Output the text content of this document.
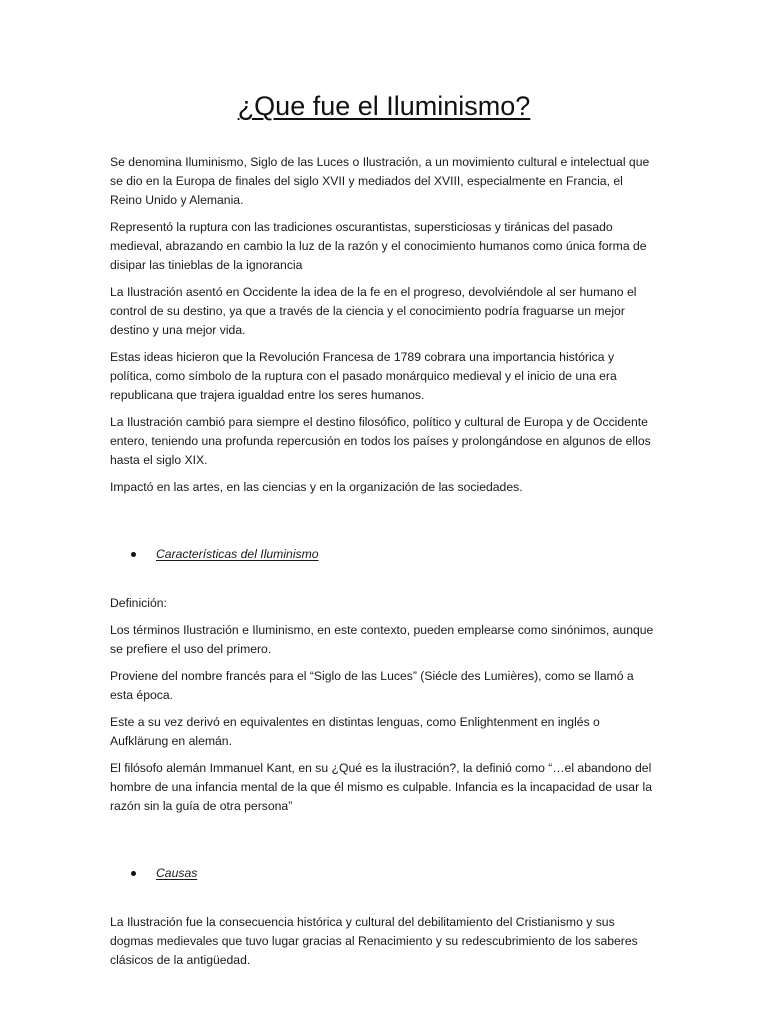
¿Que fue el Iluminismo?

Se denomina Iluminismo, Siglo de las Luces o Ilustración, a un movimiento cultural e intelectual que se dio en la Europa de finales del siglo XVII y mediados del XVIII, especialmente en Francia, el Reino Unido y Alemania.

Representó la ruptura con las tradiciones oscurantistas, supersticiosas y tiránicas del pasado medieval, abrazando en cambio la luz de la razón y el conocimiento humanos como única forma de disipar las tinieblas de la ignorancia

La Ilustración asentó en Occidente la idea de la fe en el progreso, devolviéndole al ser humano el control de su destino, ya que a través de la ciencia y el conocimiento podría fraguarse un mejor destino y una mejor vida.

Estas ideas hicieron que la Revolución Francesa de 1789 cobrara una importancia histórica y política, como símbolo de la ruptura con el pasado monárquico medieval y el inicio de una era republicana que trajera igualdad entre los seres humanos.

La Ilustración cambió para siempre el destino filosófico, político y cultural de Europa y de Occidente entero, teniendo una profunda repercusión en todos los países y prolongándose en algunos de ellos hasta el siglo XIX.

Impactó en las artes, en las ciencias y en la organización de las sociedades.

Características del Iluminismo

Definición:

Los términos Ilustración e Iluminismo, en este contexto, pueden emplearse como sinónimos, aunque se prefiere el uso del primero.

Proviene del nombre francés para el “Siglo de las Luces” (Siécle des Lumières), como se llamó a esta época.

Este a su vez derivó en equivalentes en distintas lenguas, como Enlightenment en inglés o Aufklärung en alemán.

El filósofo alemán Immanuel Kant, en su ¿Qué es la ilustración?, la definió como “…el abandono del hombre de una infancia mental de la que él mismo es culpable. Infancia es la incapacidad de usar la razón sin la guía de otra persona”

Causas

La Ilustración fue la consecuencia histórica y cultural del debilitamiento del Cristianismo y sus dogmas medievales que tuvo lugar gracias al Renacimiento y su redescubrimiento de los saberes clásicos de la antigüedad.
